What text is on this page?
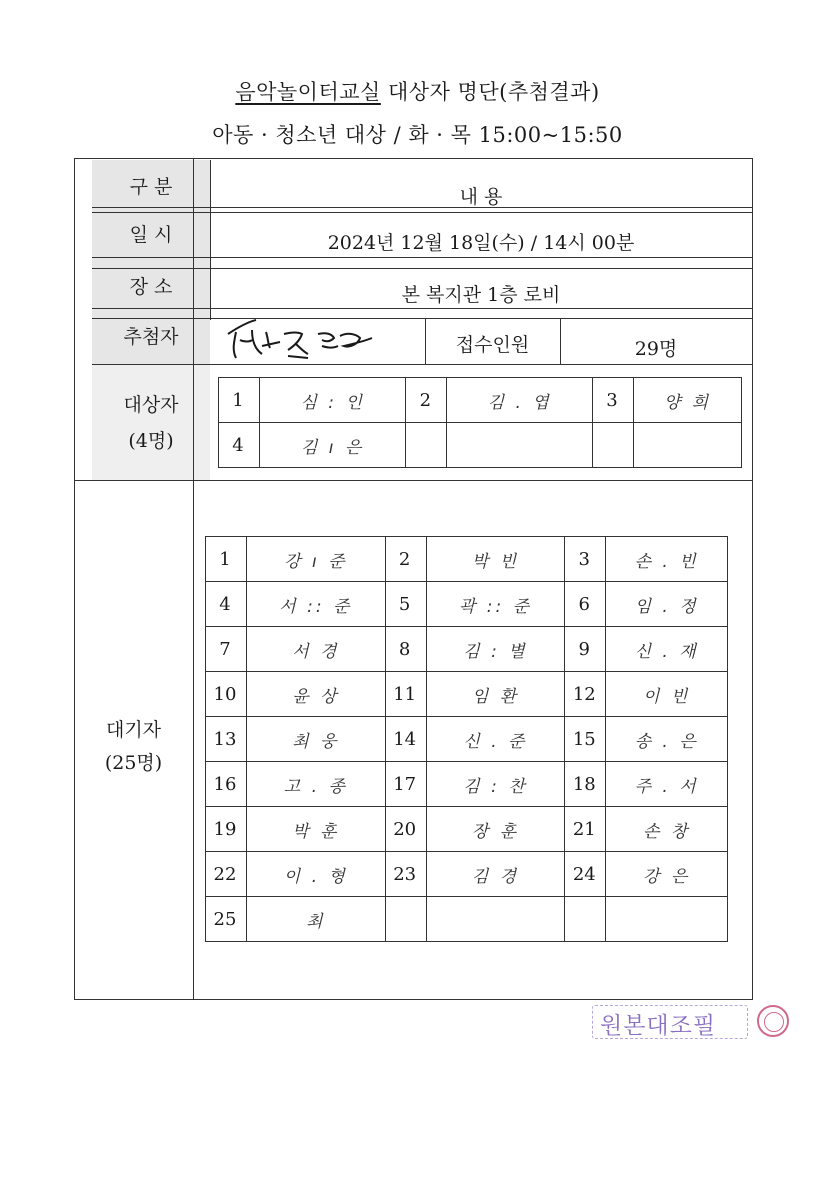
음악놀이터교실 대상자 명단(추첨결과)
아동 · 청소년 대상 / 화 · 목 15:00~15:50
구 분	내 용
일 시	2024년 12월 18일(수) / 14시 00분
장 소	본 복지관 1층 로비
추첨자	접수인원	29명
대상자
(4명)
1	심 : 인	2	김 . 엽	3	양 희
4	김 ı 은				
대기자
(25명)
1	강 ı 준	2	박 빈	3	손 . 빈
4	서 :: 준	5	곽 :: 준	6	임 . 정
7	서 경	8	김 : 별	9	신 . 재
10	윤 상	11	임 환	12	이 빈
13	최 웅	14	신 . 준	15	송 . 은
16	고 . 종	17	김 : 찬	18	주 . 서
19	박 훈	20	장 훈	21	손 창
22	이 . 형	23	김 경	24	강 은
25	최				
원본대조필
